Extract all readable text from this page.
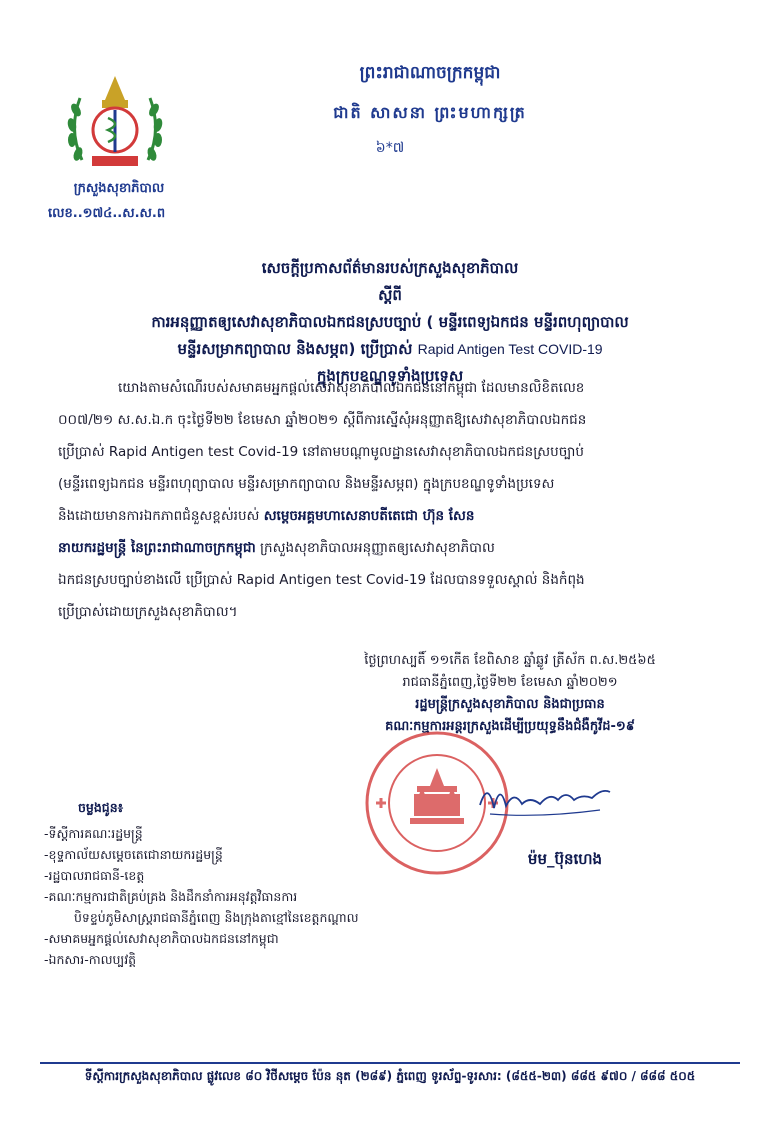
ក្រសួងសុខាភិបាល
លេខ..១៧៤..ស.ស.ព
ព្រះរាជាណាចក្រកម្ពុជា
ជាតិ សាសនា ព្រះមហាក្សត្រ
៦*៧
សេចក្តីប្រកាសព័ត៌មានរបស់ក្រសួងសុខាភិបាល
ស្តីពី
ការអនុញ្ញាតឲ្យសេវាសុខាភិបាលឯកជនស្របច្បាប់ ( មន្ទីរពេទ្យឯកជន មន្ទីរពហុព្យាបាល
មន្ទីរសម្រាកព្យាបាល និងសម្ភព) ប្រើប្រាស់ Rapid Antigen Test COVID-19
ក្នុងក្របខណ្ឌទូទាំងប្រទេស
យោងតាមសំណើរបស់សមាគមអ្នកផ្តល់សេវាសុខាភិបាលឯកជននៅកម្ពុជា ដែលមានលិខិតលេខ
០០៧/២១ ស.ស.ឯ.ក ចុះថ្ងៃទី២២ ខែមេសា ឆ្នាំ២០២១ ស្តីពីការស្នើសុំអនុញ្ញាតឱ្យសេវាសុខាភិបាលឯកជន
ប្រើប្រាស់ Rapid Antigen test Covid-19 នៅតាមបណ្តាមូលដ្ឋានសេវាសុខាភិបាលឯកជនស្របច្បាប់
(មន្ទីរពេទ្យឯកជន មន្ទីរពហុព្យាបាល មន្ទីរសម្រាកព្យាបាល និងមន្ទីរសម្ភព) ក្នុងក្របខណ្ឌទូទាំងប្រទេស
និងដោយមានការឯកភាពជំនួសខ្ពស់របស់ សម្តេចអគ្គមហាសេនាបតីតេជោ ហ៊ុន សែន
នាយករដ្ឋមន្ត្រី នៃព្រះរាជាណាចក្រកម្ពុជា ក្រសួងសុខាភិបាលអនុញ្ញាតឲ្យសេវាសុខាភិបាល
ឯកជនស្របច្បាប់ខាងលើ ប្រើប្រាស់ Rapid Antigen test Covid-19 ដែលបានទទួលស្គាល់ និងកំពុង
ប្រើប្រាស់ដោយក្រសួងសុខាភិបាល។
ថ្ងៃព្រហស្បតិ៍ ១១កើត ខែពិសាខ ឆ្នាំឆ្លូវ ត្រីស័ក ព.ស.២៥៦៥
រាជធានីភ្នំពេញ,ថ្ងៃទី២២ ខែមេសា ឆ្នាំ២០២១
រដ្ឋមន្ត្រីក្រសួងសុខាភិបាល និងជាប្រធាន
គណៈកម្មការអន្តរក្រសួងដើម្បីប្រយុទ្ធនឹងជំងឺកូវីដ-១៩
ម៉ម_ប៊ុនហេង
ចម្លងជូន៖
-ទីស្តីការគណៈរដ្ឋមន្ត្រី
-ខុទ្ទកាល័យសម្តេចតេជោនាយករដ្ឋមន្ត្រី
-រដ្ឋបាលរាជធានី-ខេត្ត
-គណៈកម្មការជាតិគ្រប់គ្រង និងដឹកនាំការអនុវត្តវិធានការ
បិទខ្ទប់ភូមិសាស្ត្ររាជធានីភ្នំពេញ និងក្រុងតាខ្មៅនៃខេត្តកណ្តាល
-សមាគមអ្នកផ្តល់សេវាសុខាភិបាលឯកជននៅកម្ពុជា
-ឯកសារ-កាលប្បវត្តិ
ទីស្តីការក្រសួងសុខាភិបាល ផ្លូវលេខ ៨០ វិថីសម្តេច ប៉ែន នុត (២៨៩) ភ្នំពេញ ទូរស័ព្ទ-ទូរសារ: (៨៥៥-២៣) ៨៨៥ ៩៧០ / ៨៨៨ ៥០៥
